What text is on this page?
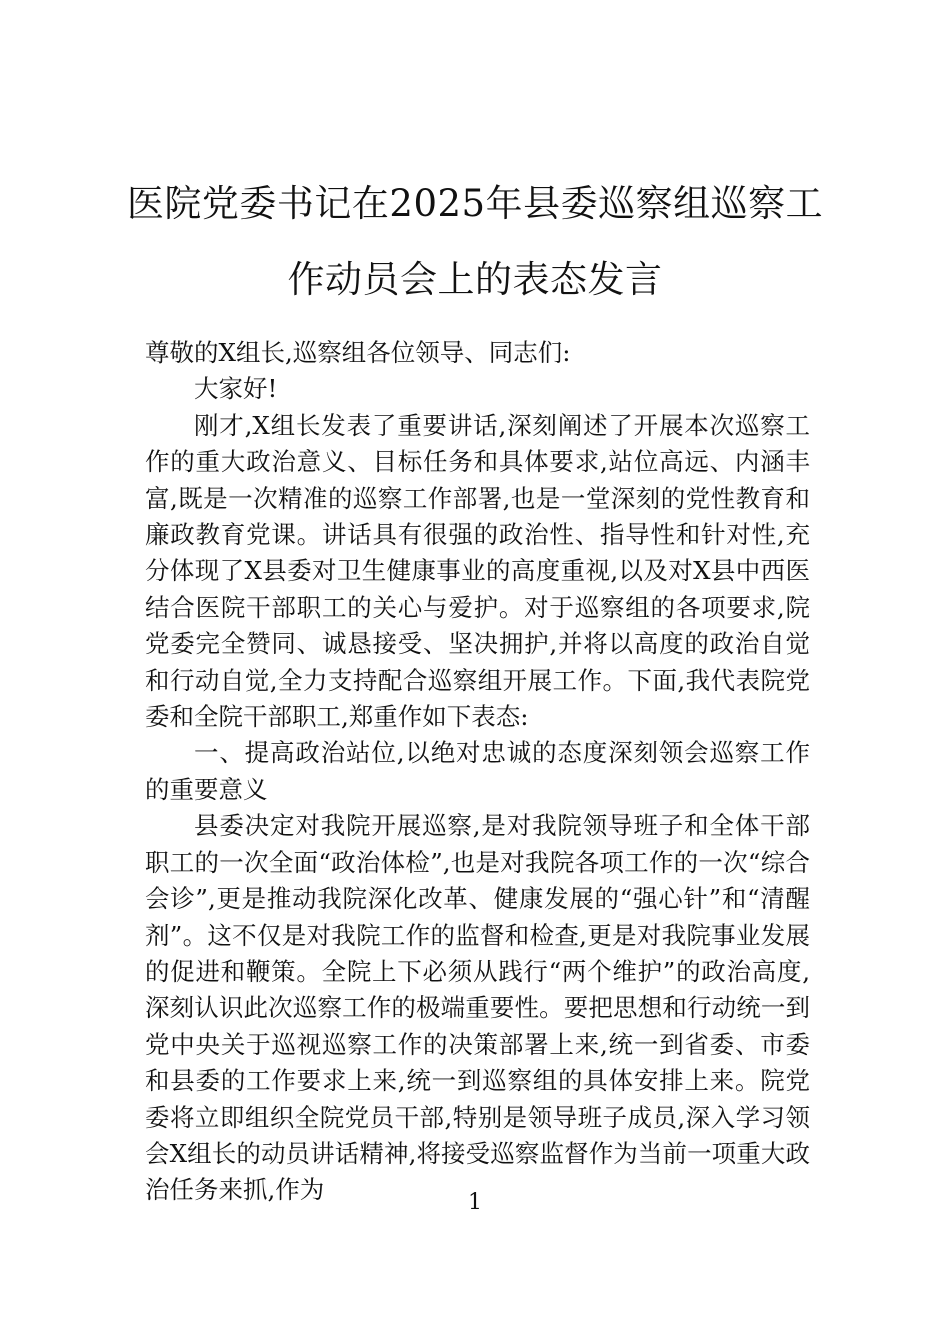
医院党委书记在2025年县委巡察组巡察工
作动员会上的表态发言

尊敬的X组长,巡察组各位领导、同志们:

大家好!

刚才,X组长发表了重要讲话,深刻阐述了开展本次巡察工作的重大政治意义、目标任务和具体要求,站位高远、内涵丰富,既是一次精准的巡察工作部署,也是一堂深刻的党性教育和廉政教育党课。讲话具有很强的政治性、指导性和针对性,充分体现了X县委对卫生健康事业的高度重视,以及对X县中西医结合医院干部职工的关心与爱护。对于巡察组的各项要求,院党委完全赞同、诚恳接受、坚决拥护,并将以高度的政治自觉和行动自觉,全力支持配合巡察组开展工作。下面,我代表院党委和全院干部职工,郑重作如下表态:

一、提高政治站位,以绝对忠诚的态度深刻领会巡察工作的重要意义

县委决定对我院开展巡察,是对我院领导班子和全体干部职工的一次全面“政治体检”,也是对我院各项工作的一次“综合会诊”,更是推动我院深化改革、健康发展的“强心针”和“清醒剂”。这不仅是对我院工作的监督和检查,更是对我院事业发展的促进和鞭策。全院上下必须从践行“两个维护”的政治高度,深刻认识此次巡察工作的极端重要性。要把思想和行动统一到党中央关于巡视巡察工作的决策部署上来,统一到省委、市委和县委的工作要求上来,统一到巡察组的具体安排上来。院党委将立即组织全院党员干部,特别是领导班子成员,深入学习领会X组长的动员讲话精神,将接受巡察监督作为当前一项重大政治任务来抓,作为	1
